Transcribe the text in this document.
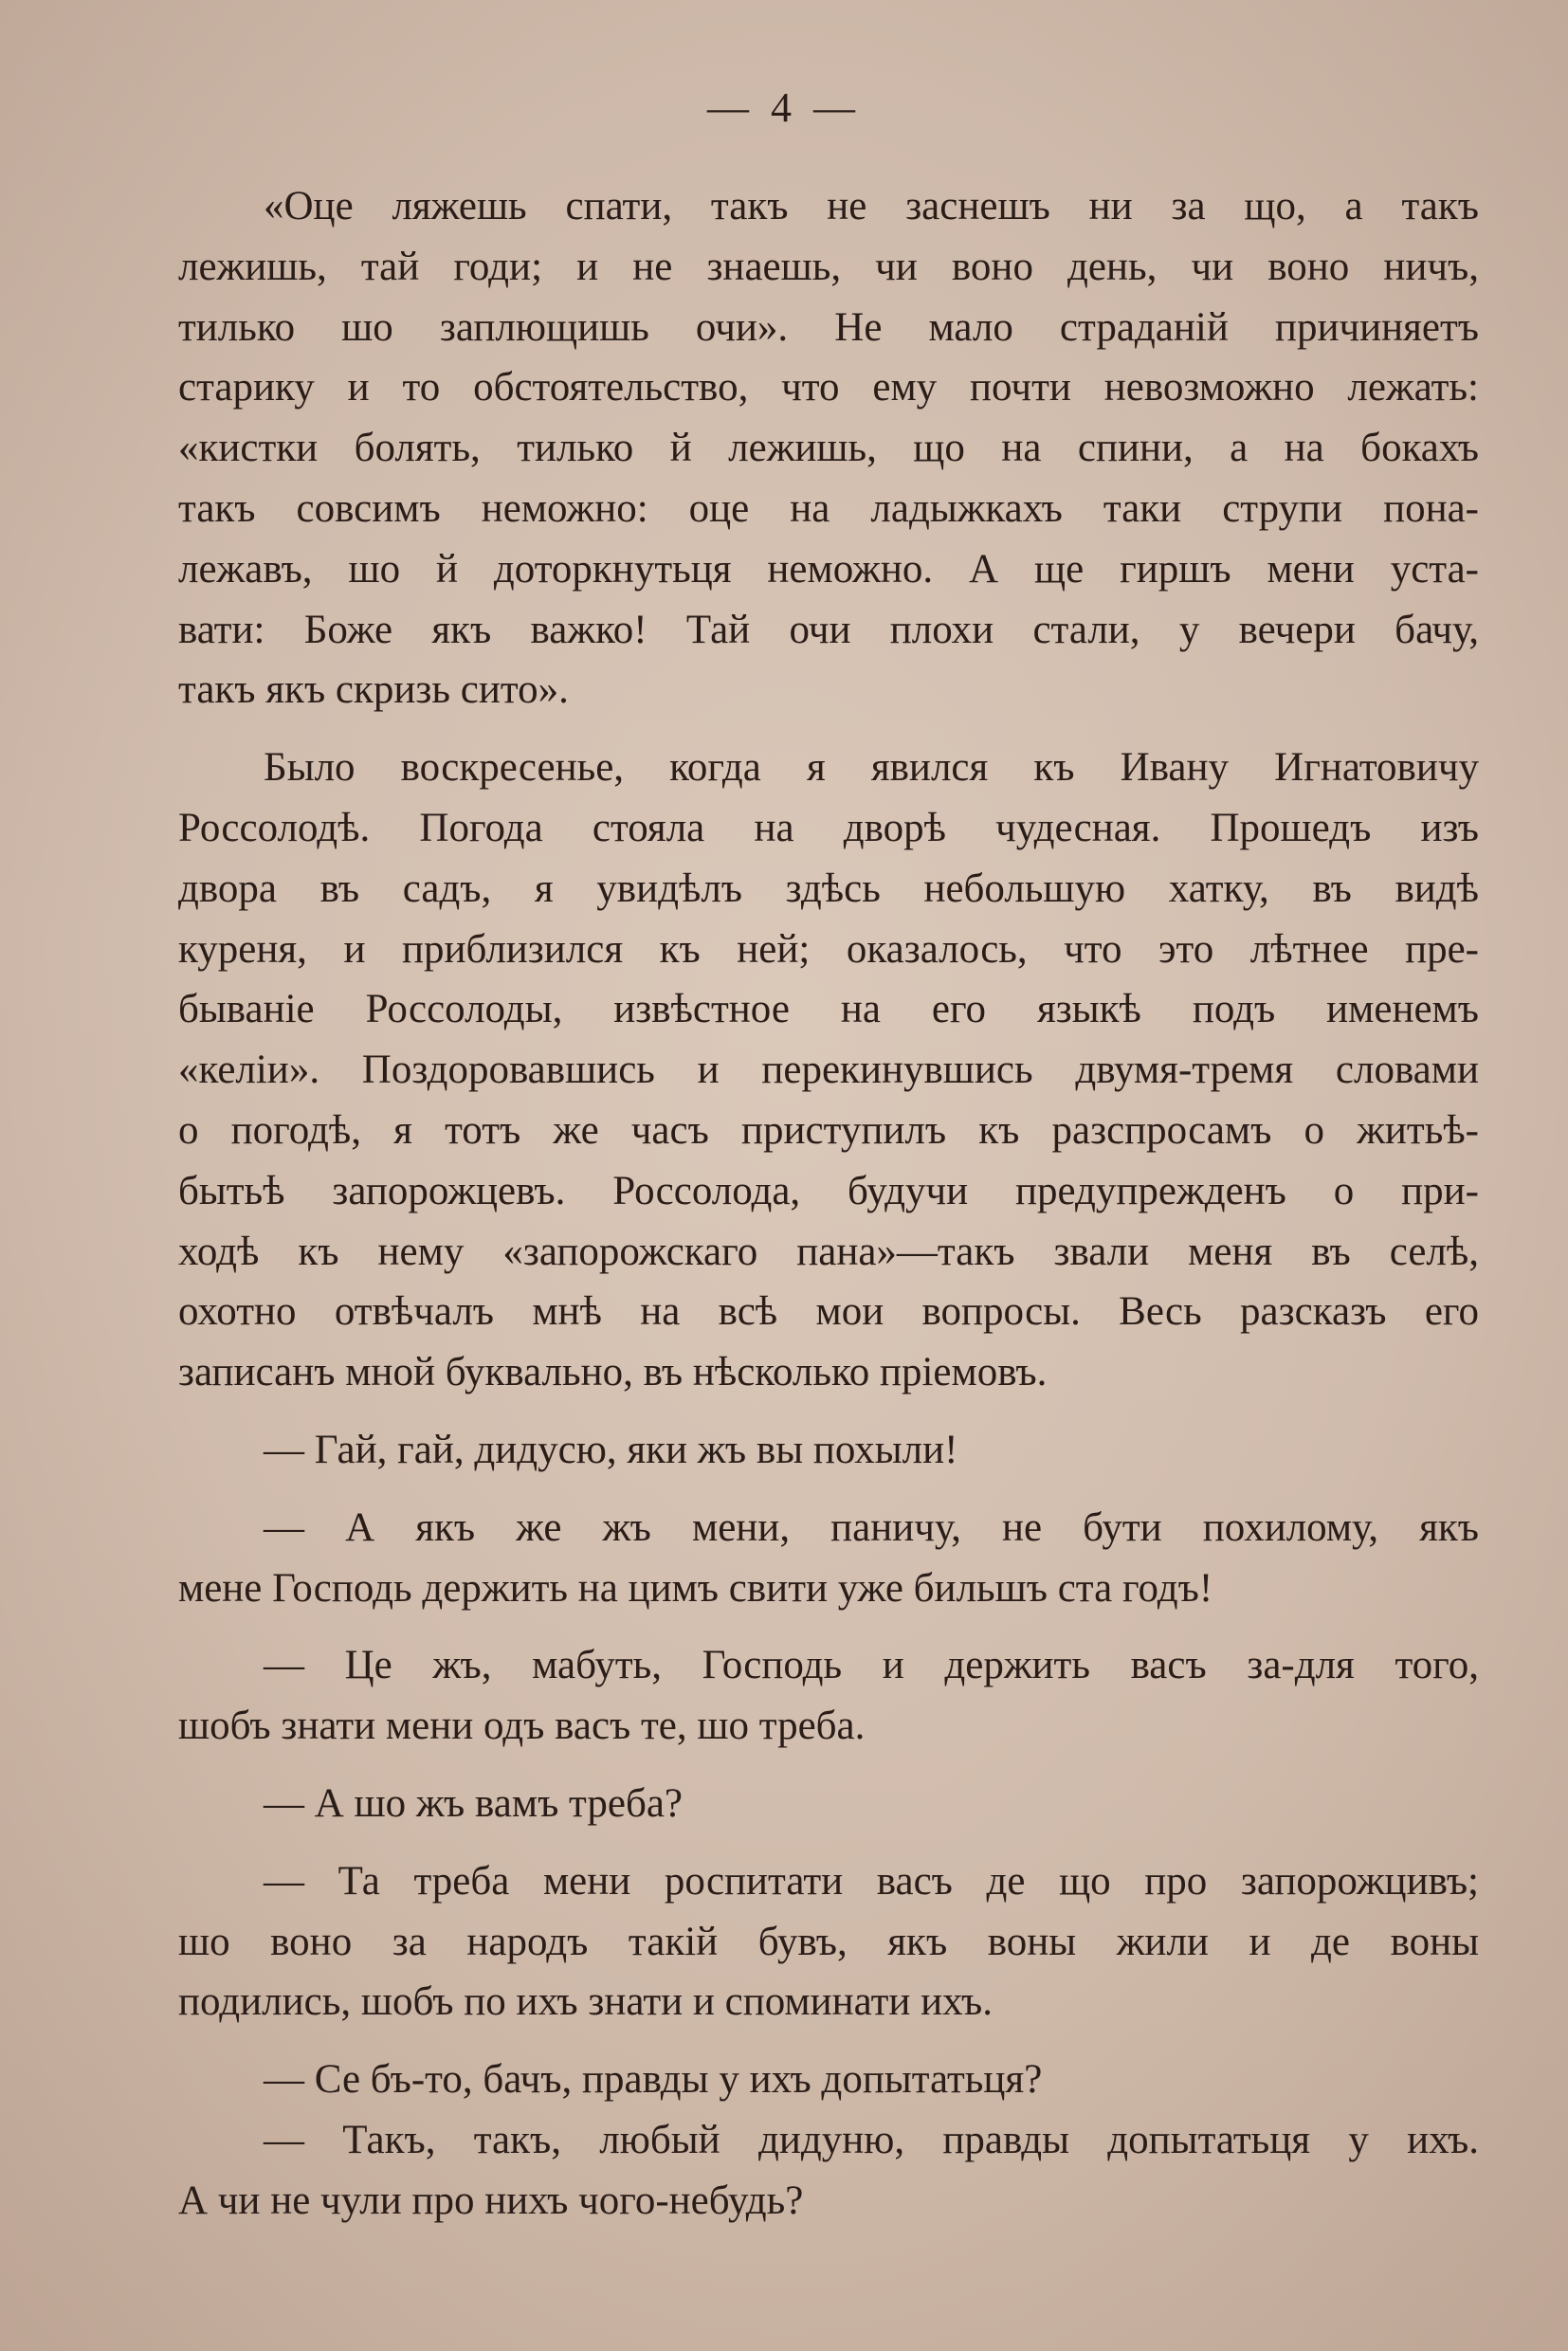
— 4 —

«Оце ляжешь спати, такъ не заснешъ ни за що, а такъ
лежишь, тай годи; и не знаешь, чи воно день, чи воно ничъ,
тилько шо заплющишь очи». Не мало страданій причиняетъ
старику и то обстоятельство, что ему почти невозможно лежать:
«кистки болять, тилько й лежишь, що на спини, а на бокахъ
такъ совсимъ неможно: оце на ладыжкахъ таки струпи пона-
лежавъ, шо й доторкнутьця неможно. А ще гиршъ мени уста-
вати: Боже якъ важко! Тай очи плохи стали, у вечери бачу,
такъ якъ скризь сито».

Было воскресенье, когда я явился къ Ивану Игнатовичу
Россолодѣ. Погода стояла на дворѣ чудесная. Прошедъ изъ
двора въ садъ, я увидѣлъ здѣсь небольшую хатку, въ видѣ
куреня, и приблизился къ ней; оказалось, что это лѣтнее пре-
быванiе Россолоды, извѣстное на его языкѣ подъ именемъ
«келiи». Поздоровавшись и перекинувшись двумя-тремя словами
о погодѣ, я тотъ же часъ приступилъ къ разспросамъ о житьѣ-
бытьѣ запорожцевъ. Россолода, будучи предупрежденъ о при-
ходѣ къ нему «запорожскаго пана»—такъ звали меня въ селѣ,
охотно отвѣчалъ мнѣ на всѣ мои вопросы. Весь разсказъ его
записанъ мной буквально, въ нѣсколько прiемовъ.

— Гай, гай, дидусю, яки жъ вы похыли!

— А якъ же жъ мени, паничу, не бути похилому, якъ
мене Господь держить на цимъ свити уже бильшъ ста годъ!

— Це жъ, мабуть, Господь и держить васъ за-для того,
шобъ знати мени одъ васъ те, шо треба.

— А шо жъ вамъ треба?

— Та треба мени роспитати васъ де що про запорожцивъ;
шо воно за народъ такiй бувъ, якъ воны жили и де воны
подились, шобъ по ихъ знати и споминати ихъ.

— Се бъ-то, бачъ, правды у ихъ допытатьця?

— Такъ, такъ, любый дидуню, правды допытатьця у ихъ.
А чи не чули про нихъ чого-небудь?
